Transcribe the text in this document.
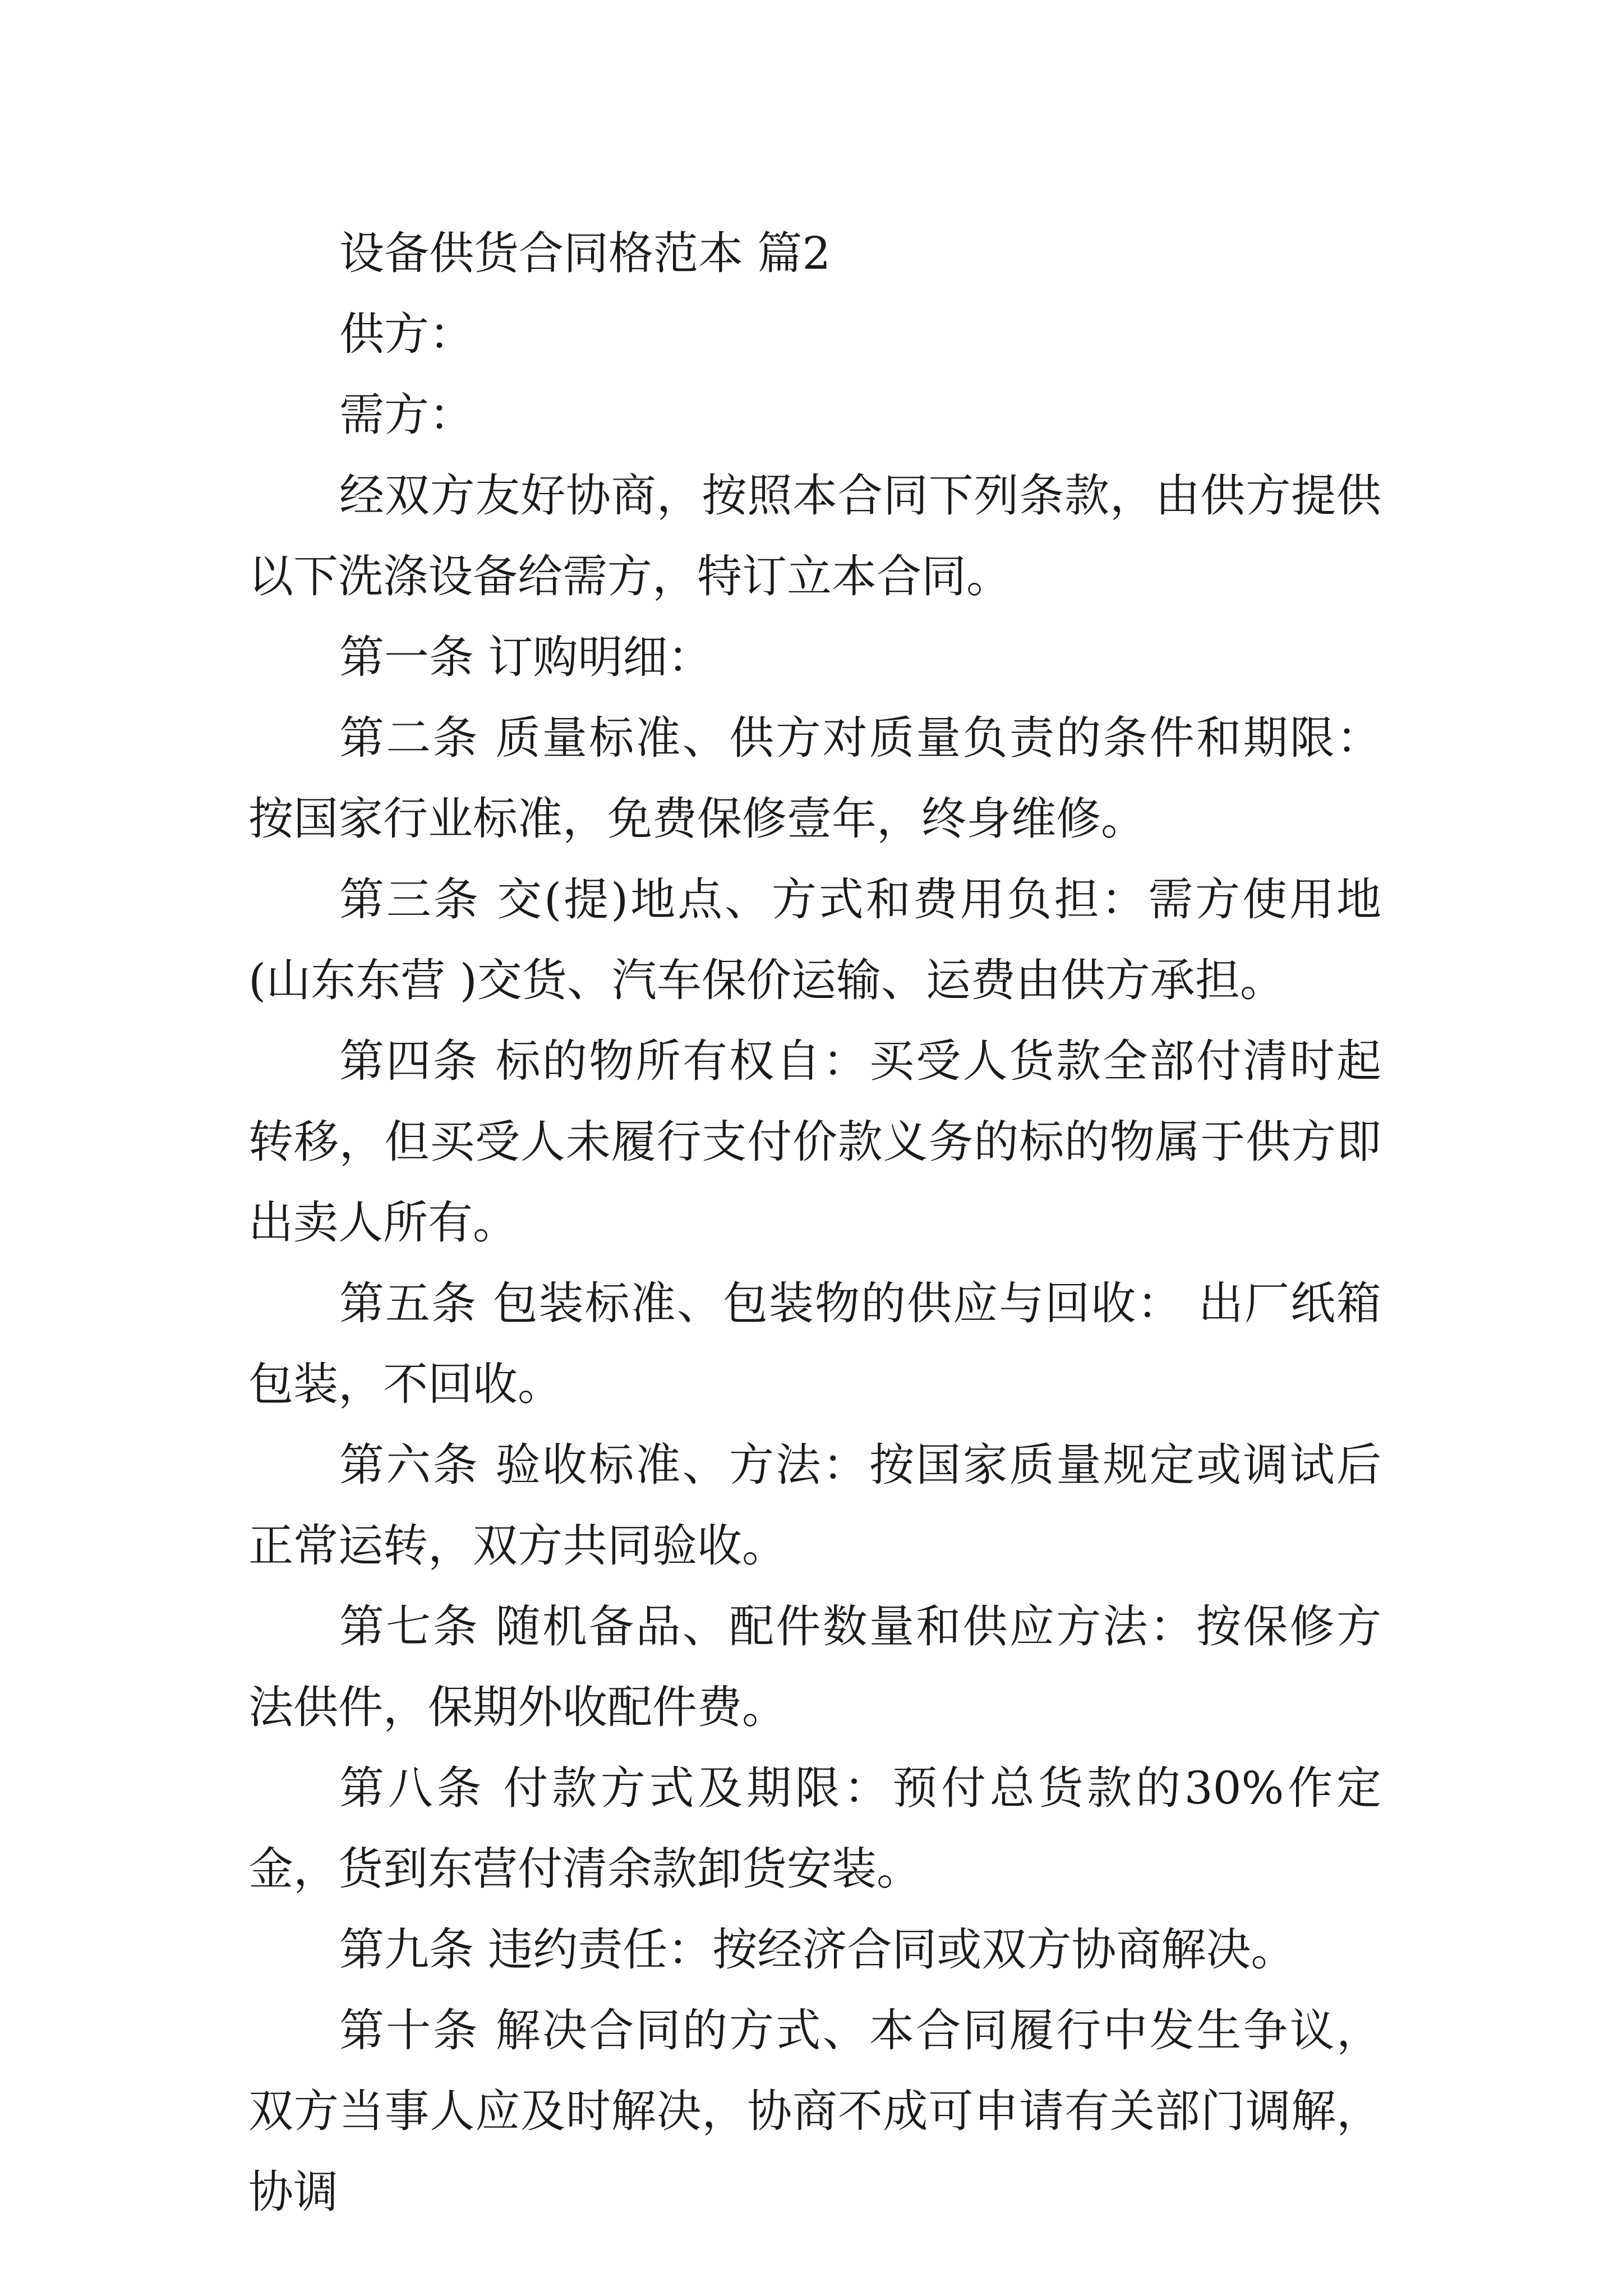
设备供货合同格范本 篇2

供方：

需方：

经双方友好协商，按照本合同下列条款，由供方提供以下洗涤设备给需方，特订立本合同。

第一条 订购明细：

第二条 质量标准、供方对质量负责的条件和期限：按国家行业标准，免费保修壹年，终身维修。

第三条 交(提)地点、方式和费用负担：需方使用地(山东东营 )交货、汽车保价运输、运费由供方承担。

第四条 标的物所有权自：买受人货款全部付清时起转移，但买受人未履行支付价款义务的标的物属于供方即出卖人所有。

第五条 包装标准、包装物的供应与回收： 出厂纸箱包装，不回收。

第六条 验收标准、方法：按国家质量规定或调试后正常运转，双方共同验收。

第七条 随机备品、配件数量和供应方法：按保修方法供件，保期外收配件费。

第八条 付款方式及期限：预付总货款的30%作定金，货到东营付清余款卸货安装。

第九条 违约责任：按经济合同或双方协商解决。

第十条 解决合同的方式、本合同履行中发生争议，双方当事人应及时解决，协商不成可申请有关部门调解，协调
